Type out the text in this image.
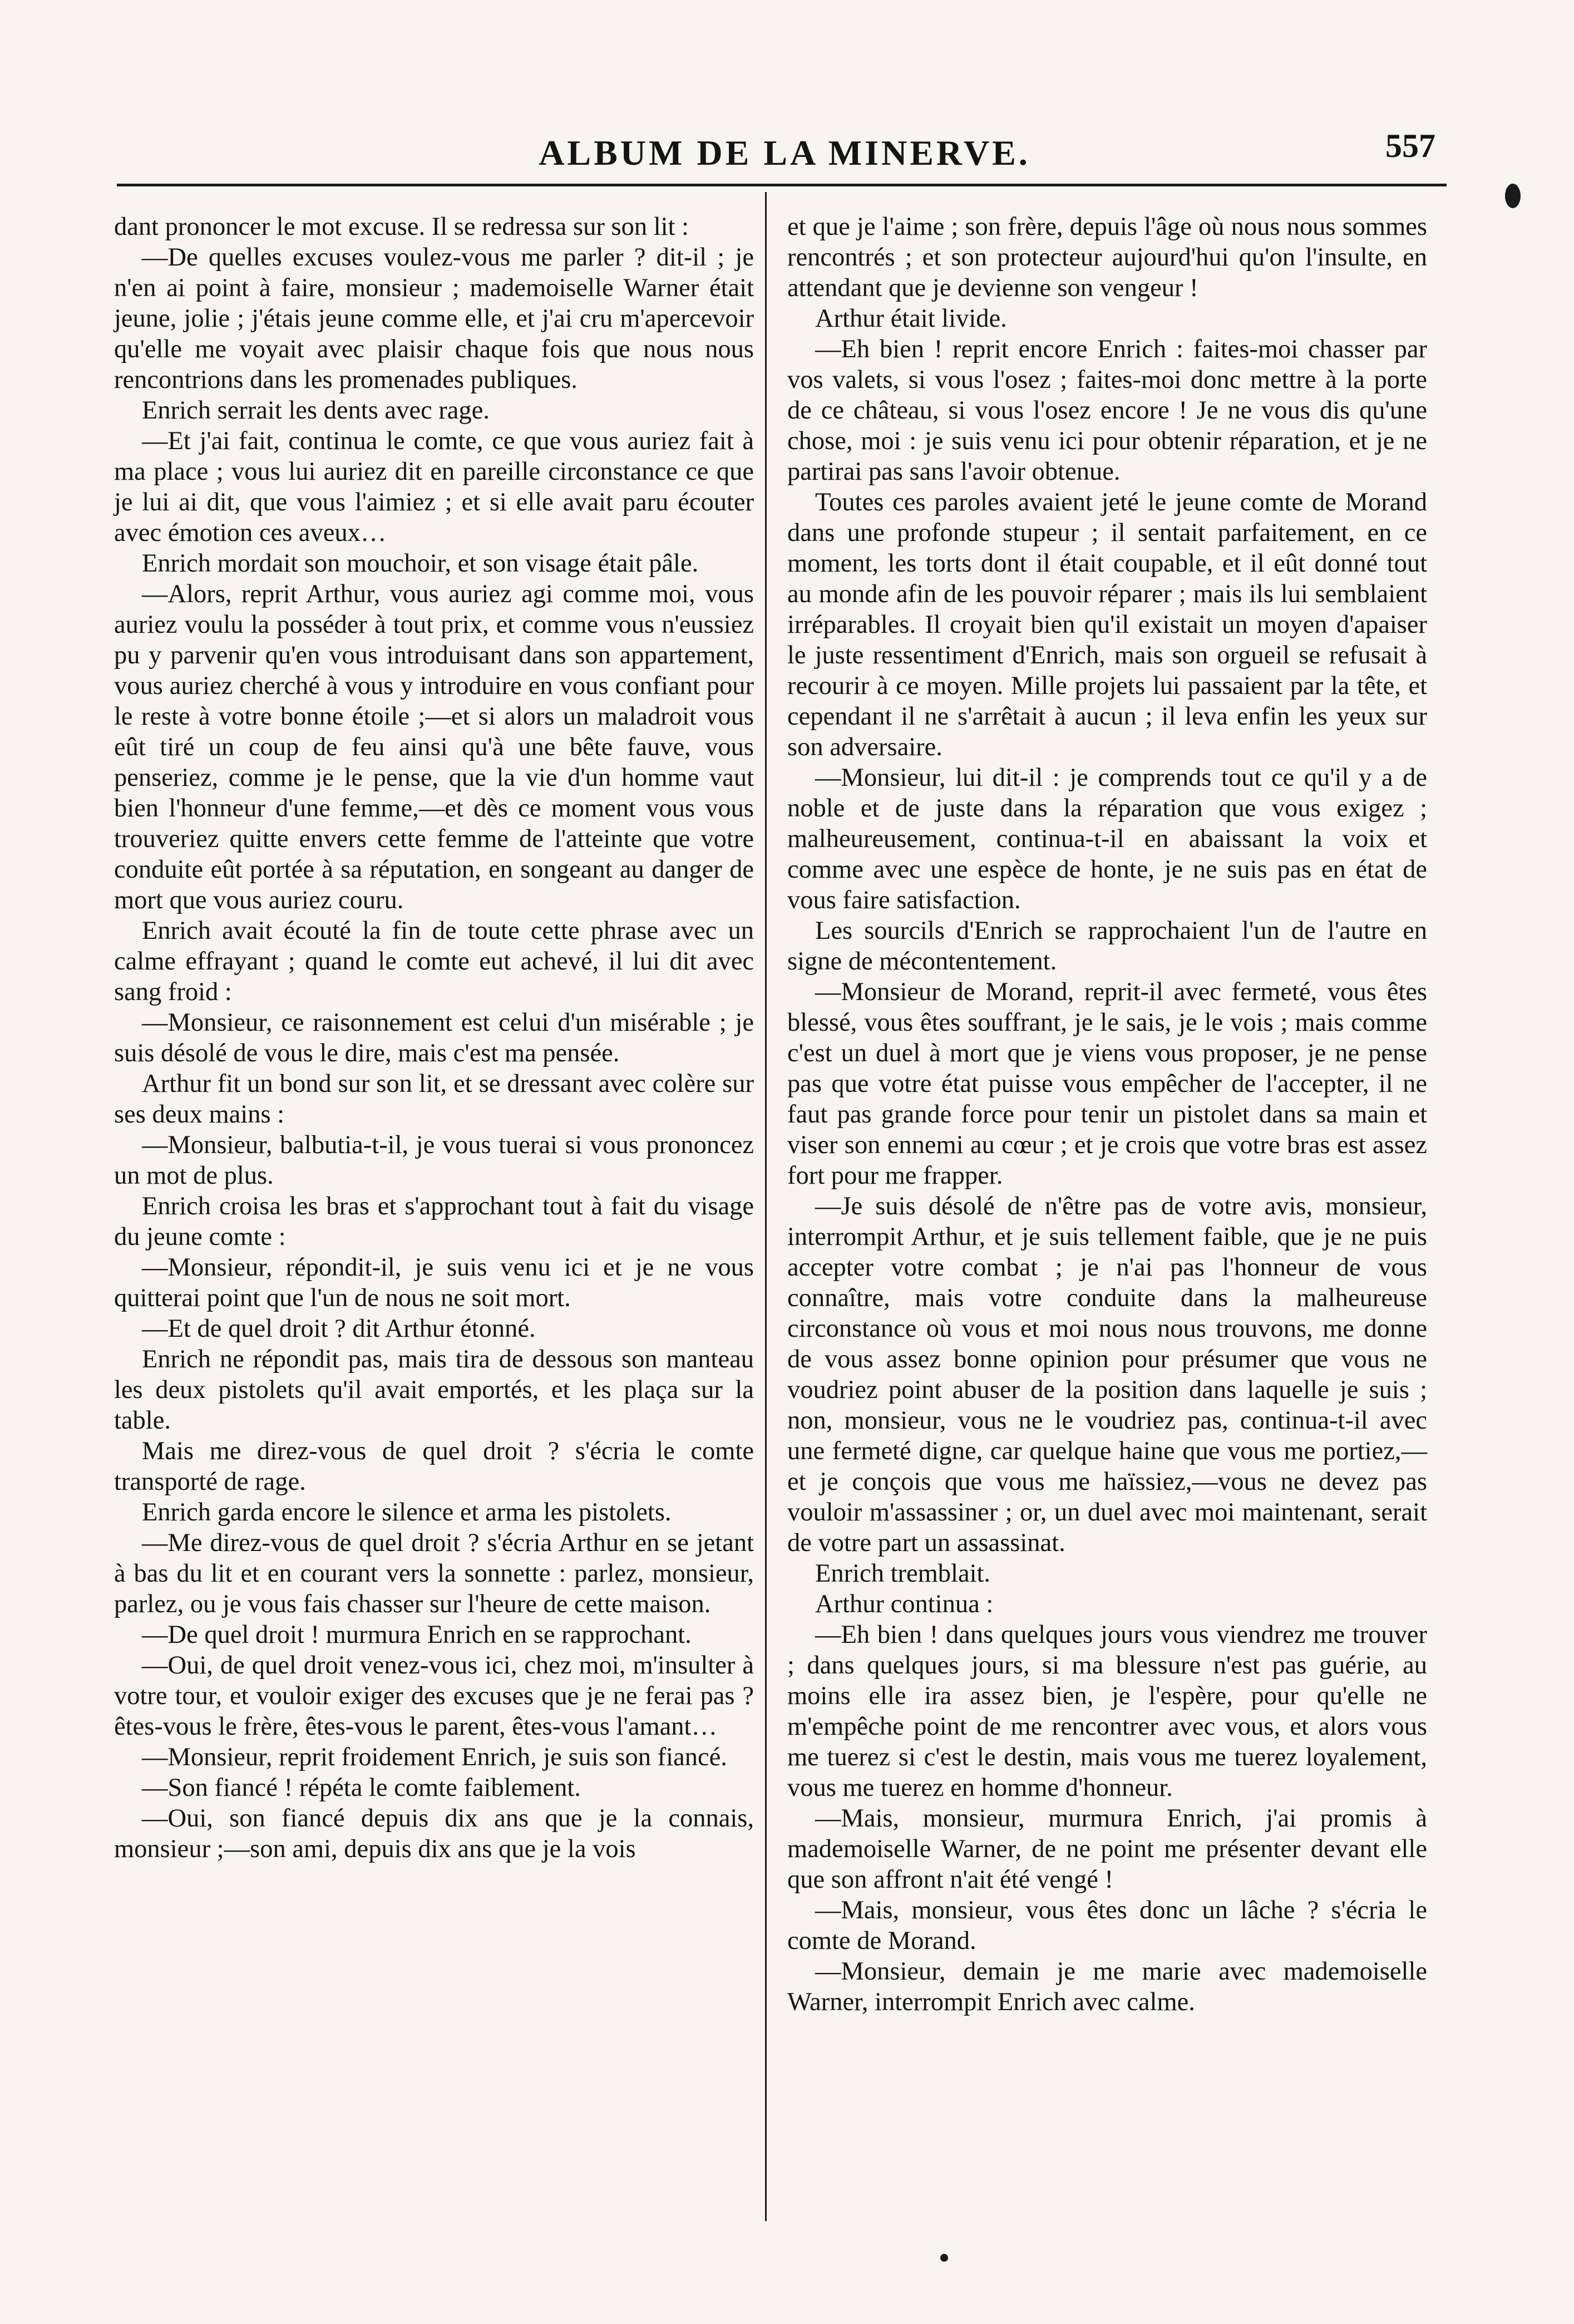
ALBUM DE LA MINERVE.	557

dant prononcer le mot excuse. Il se redressa sur son lit :

—De quelles excuses voulez-vous me parler ? dit-il ; je n'en ai point à faire, monsieur ; mademoiselle Warner était jeune, jolie ; j'étais jeune comme elle, et j'ai cru m'apercevoir qu'elle me voyait avec plaisir chaque fois que nous nous rencontrions dans les promenades publiques.

Enrich serrait les dents avec rage.

—Et j'ai fait, continua le comte, ce que vous auriez fait à ma place ; vous lui auriez dit en pareille circonstance ce que je lui ai dit, que vous l'aimiez ; et si elle avait paru écouter avec émotion ces aveux…

Enrich mordait son mouchoir, et son visage était pâle.

—Alors, reprit Arthur, vous auriez agi comme moi, vous auriez voulu la posséder à tout prix, et comme vous n'eussiez pu y parvenir qu'en vous introduisant dans son appartement, vous auriez cherché à vous y introduire en vous confiant pour le reste à votre bonne étoile ;—et si alors un maladroit vous eût tiré un coup de feu ainsi qu'à une bête fauve, vous penseriez, comme je le pense, que la vie d'un homme vaut bien l'honneur d'une femme,—et dès ce moment vous vous trouveriez quitte envers cette femme de l'atteinte que votre conduite eût portée à sa réputation, en songeant au danger de mort que vous auriez couru.

Enrich avait écouté la fin de toute cette phrase avec un calme effrayant ; quand le comte eut achevé, il lui dit avec sang froid :

—Monsieur, ce raisonnement est celui d'un misérable ; je suis désolé de vous le dire, mais c'est ma pensée.

Arthur fit un bond sur son lit, et se dressant avec colère sur ses deux mains :

—Monsieur, balbutia-t-il, je vous tuerai si vous prononcez un mot de plus.

Enrich croisa les bras et s'approchant tout à fait du visage du jeune comte :

—Monsieur, répondit-il, je suis venu ici et je ne vous quitterai point que l'un de nous ne soit mort.

—Et de quel droit ? dit Arthur étonné.

Enrich ne répondit pas, mais tira de dessous son manteau les deux pistolets qu'il avait emportés, et les plaça sur la table.

Mais me direz-vous de quel droit ? s'écria le comte transporté de rage.

Enrich garda encore le silence et arma les pistolets.

—Me direz-vous de quel droit ? s'écria Arthur en se jetant à bas du lit et en courant vers la sonnette : parlez, monsieur, parlez, ou je vous fais chasser sur l'heure de cette maison.

—De quel droit ! murmura Enrich en se rapprochant.

—Oui, de quel droit venez-vous ici, chez moi, m'insulter à votre tour, et vouloir exiger des excuses que je ne ferai pas ? êtes-vous le frère, êtes-vous le parent, êtes-vous l'amant…

—Monsieur, reprit froidement Enrich, je suis son fiancé.

—Son fiancé ! répéta le comte faiblement.

—Oui, son fiancé depuis dix ans que je la connais, monsieur ;—son ami, depuis dix ans que je la vois

et que je l'aime ; son frère, depuis l'âge où nous nous sommes rencontrés ; et son protecteur aujourd'hui qu'on l'insulte, en attendant que je devienne son vengeur !

Arthur était livide.

—Eh bien ! reprit encore Enrich : faites-moi chasser par vos valets, si vous l'osez ; faites-moi donc mettre à la porte de ce château, si vous l'osez encore ! Je ne vous dis qu'une chose, moi : je suis venu ici pour obtenir réparation, et je ne partirai pas sans l'avoir obtenue.

Toutes ces paroles avaient jeté le jeune comte de Morand dans une profonde stupeur ; il sentait parfaitement, en ce moment, les torts dont il était coupable, et il eût donné tout au monde afin de les pouvoir réparer ; mais ils lui semblaient irréparables. Il croyait bien qu'il existait un moyen d'apaiser le juste ressentiment d'Enrich, mais son orgueil se refusait à recourir à ce moyen. Mille projets lui passaient par la tête, et cependant il ne s'arrêtait à aucun ; il leva enfin les yeux sur son adversaire.

—Monsieur, lui dit-il : je comprends tout ce qu'il y a de noble et de juste dans la réparation que vous exigez ; malheureusement, continua-t-il en abaissant la voix et comme avec une espèce de honte, je ne suis pas en état de vous faire satisfaction.

Les sourcils d'Enrich se rapprochaient l'un de l'autre en signe de mécontentement.

—Monsieur de Morand, reprit-il avec fermeté, vous êtes blessé, vous êtes souffrant, je le sais, je le vois ; mais comme c'est un duel à mort que je viens vous proposer, je ne pense pas que votre état puisse vous empêcher de l'accepter, il ne faut pas grande force pour tenir un pistolet dans sa main et viser son ennemi au cœur ; et je crois que votre bras est assez fort pour me frapper.

—Je suis désolé de n'être pas de votre avis, monsieur, interrompit Arthur, et je suis tellement faible, que je ne puis accepter votre combat ; je n'ai pas l'honneur de vous connaître, mais votre conduite dans la malheureuse circonstance où vous et moi nous nous trouvons, me donne de vous assez bonne opinion pour présumer que vous ne voudriez point abuser de la position dans laquelle je suis ; non, monsieur, vous ne le voudriez pas, continua-t-il avec une fermeté digne, car quelque haine que vous me portiez,—et je conçois que vous me haïssiez,—vous ne devez pas vouloir m'assassiner ; or, un duel avec moi maintenant, serait de votre part un assassinat.

Enrich tremblait.

Arthur continua :

—Eh bien ! dans quelques jours vous viendrez me trouver ; dans quelques jours, si ma blessure n'est pas guérie, au moins elle ira assez bien, je l'espère, pour qu'elle ne m'empêche point de me rencontrer avec vous, et alors vous me tuerez si c'est le destin, mais vous me tuerez loyalement, vous me tuerez en homme d'honneur.

—Mais, monsieur, murmura Enrich, j'ai promis à mademoiselle Warner, de ne point me présenter devant elle que son affront n'ait été vengé !

—Mais, monsieur, vous êtes donc un lâche ? s'écria le comte de Morand.

—Monsieur, demain je me marie avec mademoiselle Warner, interrompit Enrich avec calme.
